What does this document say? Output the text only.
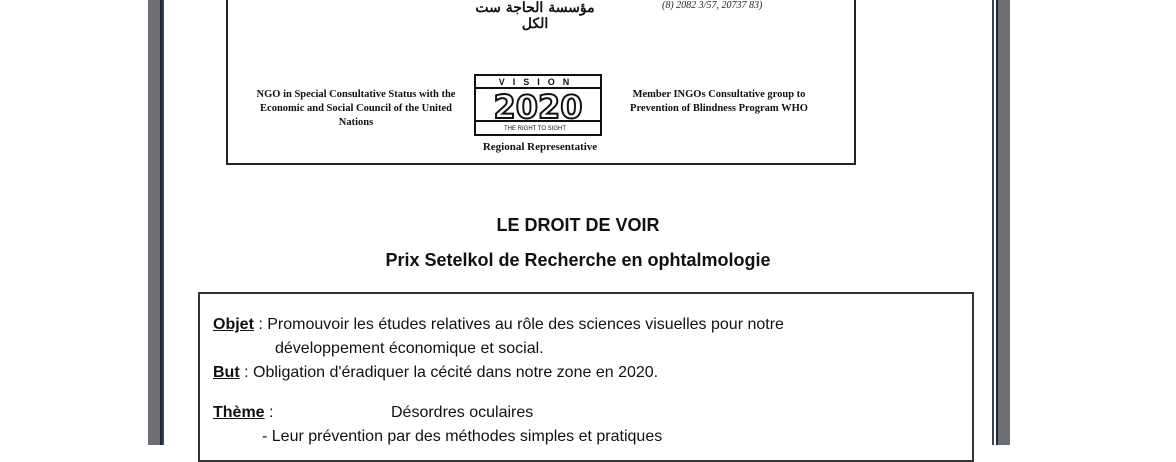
مؤسسة الحاجة ست الكل
(8) 2082 3/57, 20737 83)
NGO in Special Consultative Status with the Economic and Social Council of the United Nations
VISION
2020
THE RIGHT TO SIGHT
Regional Representative
Member INGOs Consultative group to Prevention of Blindness Program WHO
LE DROIT DE VOIR
Prix Setelkol de Recherche en ophtalmologie
Objet : Promouvoir les études relatives au rôle des sciences visuelles pour notre
développement économique et social.
But : Obligation d'éradiquer la cécité dans notre zone en 2020.
Thème :	Désordres oculaires
- Leur prévention par des méthodes simples et pratiques
